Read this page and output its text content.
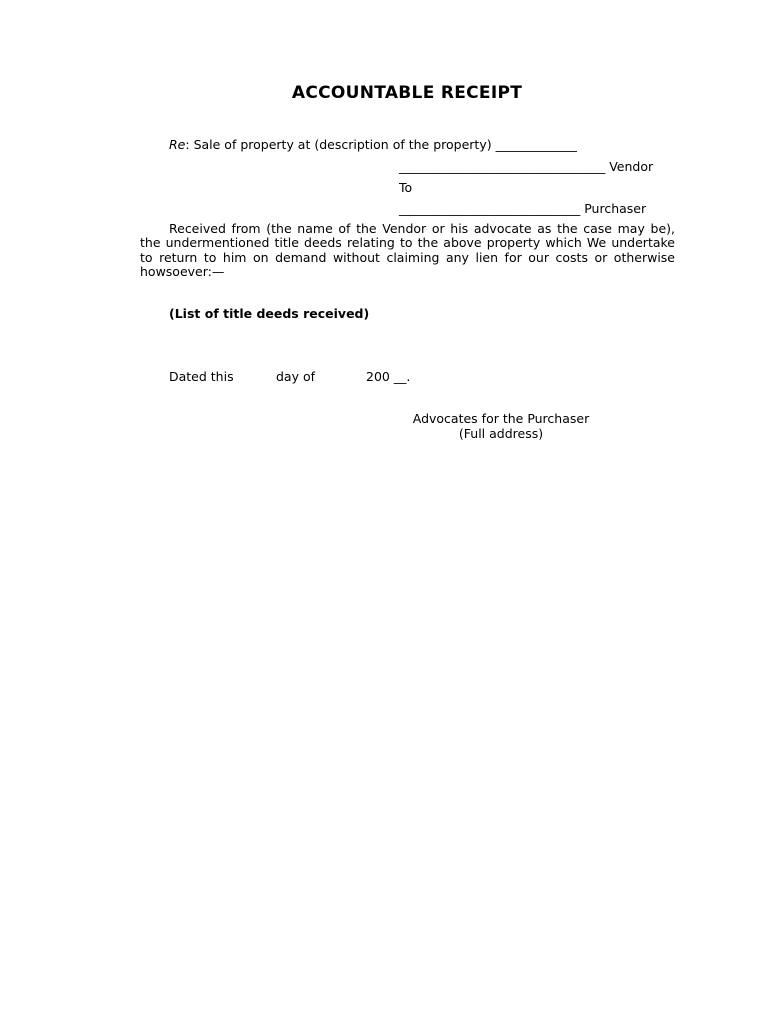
ACCOUNTABLE RECEIPT
Re: Sale of property at (description of the property) _____________
_________________________________ Vendor
To
_____________________________ Purchaser
Received from (the name of the Vendor or his advocate as the case may be), the undermentioned title deeds relating to the above property which We undertake to return to him on demand without claiming any lien for our costs or otherwise howsoever:—
(List of title deeds received)
Dated this	day of	200 __.
Advocates for the Purchaser
(Full address)
